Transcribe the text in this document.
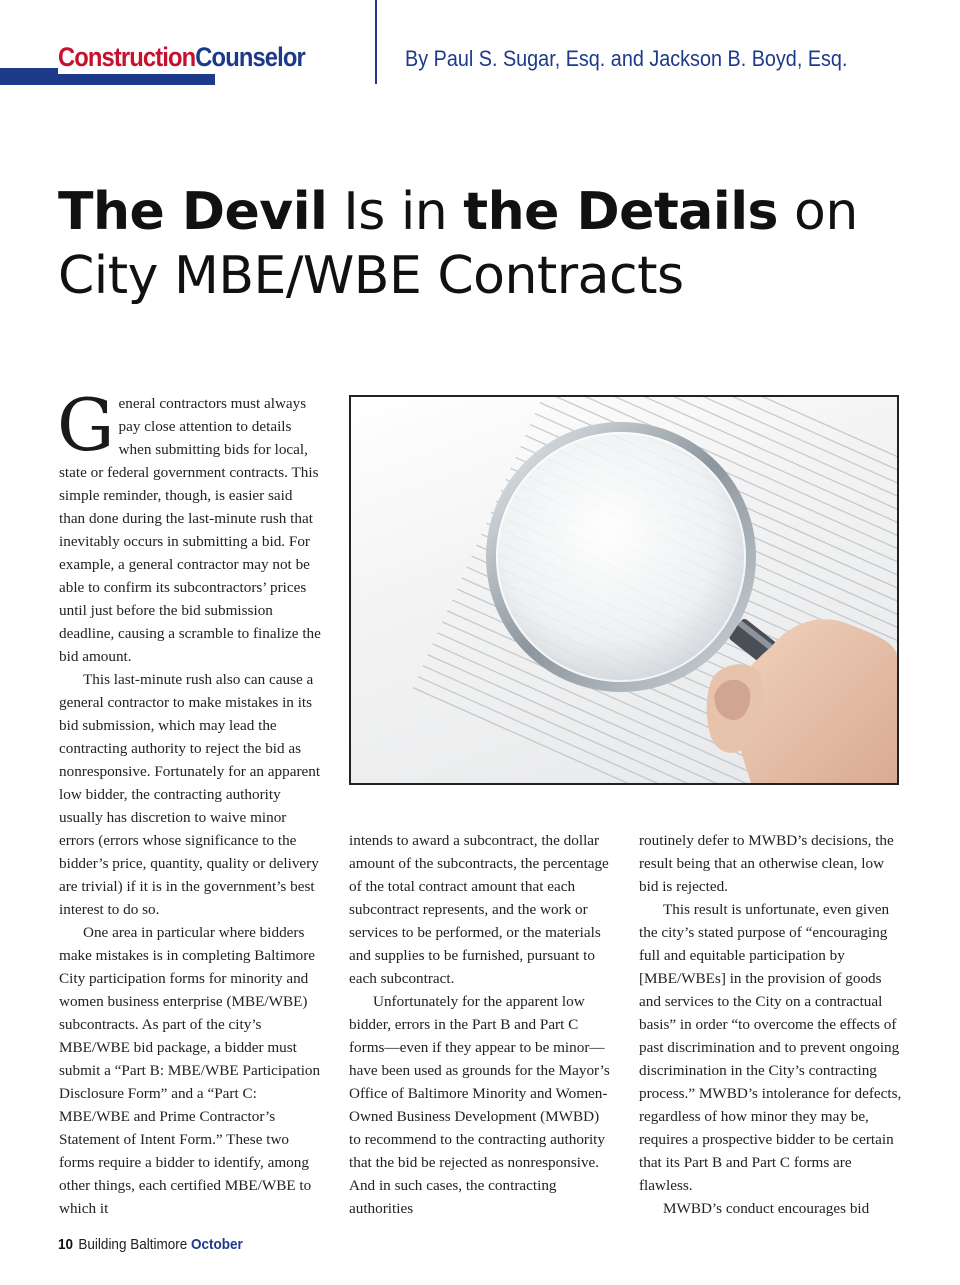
ConstructionCounselor	By Paul S. Sugar, Esq. and Jackson B. Boyd, Esq.
The Devil Is in the Details on
City MBE/WBE Contracts

General contractors must always pay close attention to details when submitting bids for local, state or federal government contracts. This simple reminder, though, is easier said than done during the last-minute rush that inevitably occurs in submitting a bid. For example, a general contractor may not be able to confirm its subcontractors’ prices until just before the bid submission deadline, causing a scramble to finalize the bid amount.

This last-minute rush also can cause a general contractor to make mistakes in its bid submission, which may lead the contracting authority to reject the bid as nonresponsive. Fortunately for an apparent low bidder, the contracting authority usually has discretion to waive minor errors (errors whose significance to the bidder’s price, quantity, quality or delivery are trivial) if it is in the government’s best interest to do so.

One area in particular where bidders make mistakes is in completing Baltimore City participation forms for minority and women business enterprise (MBE/WBE) subcontracts. As part of the city’s MBE/WBE bid package, a bidder must submit a “Part B: MBE/WBE Participation Disclosure Form” and a “Part C: MBE/WBE and Prime Contractor’s Statement of Intent Form.” These two forms require a bidder to identify, among other things, each certified MBE/WBE to which it

intends to award a subcontract, the dollar amount of the subcontracts, the percentage of the total contract amount that each subcontract represents, and the work or services to be performed, or the materials and supplies to be furnished, pursuant to each subcontract.

Unfortunately for the apparent low bidder, errors in the Part B and Part C forms—even if they appear to be minor—have been used as grounds for the Mayor’s Office of Baltimore Minority and Women-Owned Business Development (MWBD) to recommend to the contracting authority that the bid be rejected as nonresponsive. And in such cases, the contracting authorities

routinely defer to MWBD’s decisions, the result being that an otherwise clean, low bid is rejected.

This result is unfortunate, even given the city’s stated purpose of “encouraging full and equitable participation by [MBE/WBEs] in the provision of goods and services to the City on a contractual basis” in order “to overcome the effects of past discrimination and to prevent ongoing discrimination in the City’s contracting process.” MWBD’s intolerance for defects, regardless of how minor they may be, requires a prospective bidder to be certain that its Part B and Part C forms are flawless.

MWBD’s conduct encourages bid

10 Building Baltimore October
